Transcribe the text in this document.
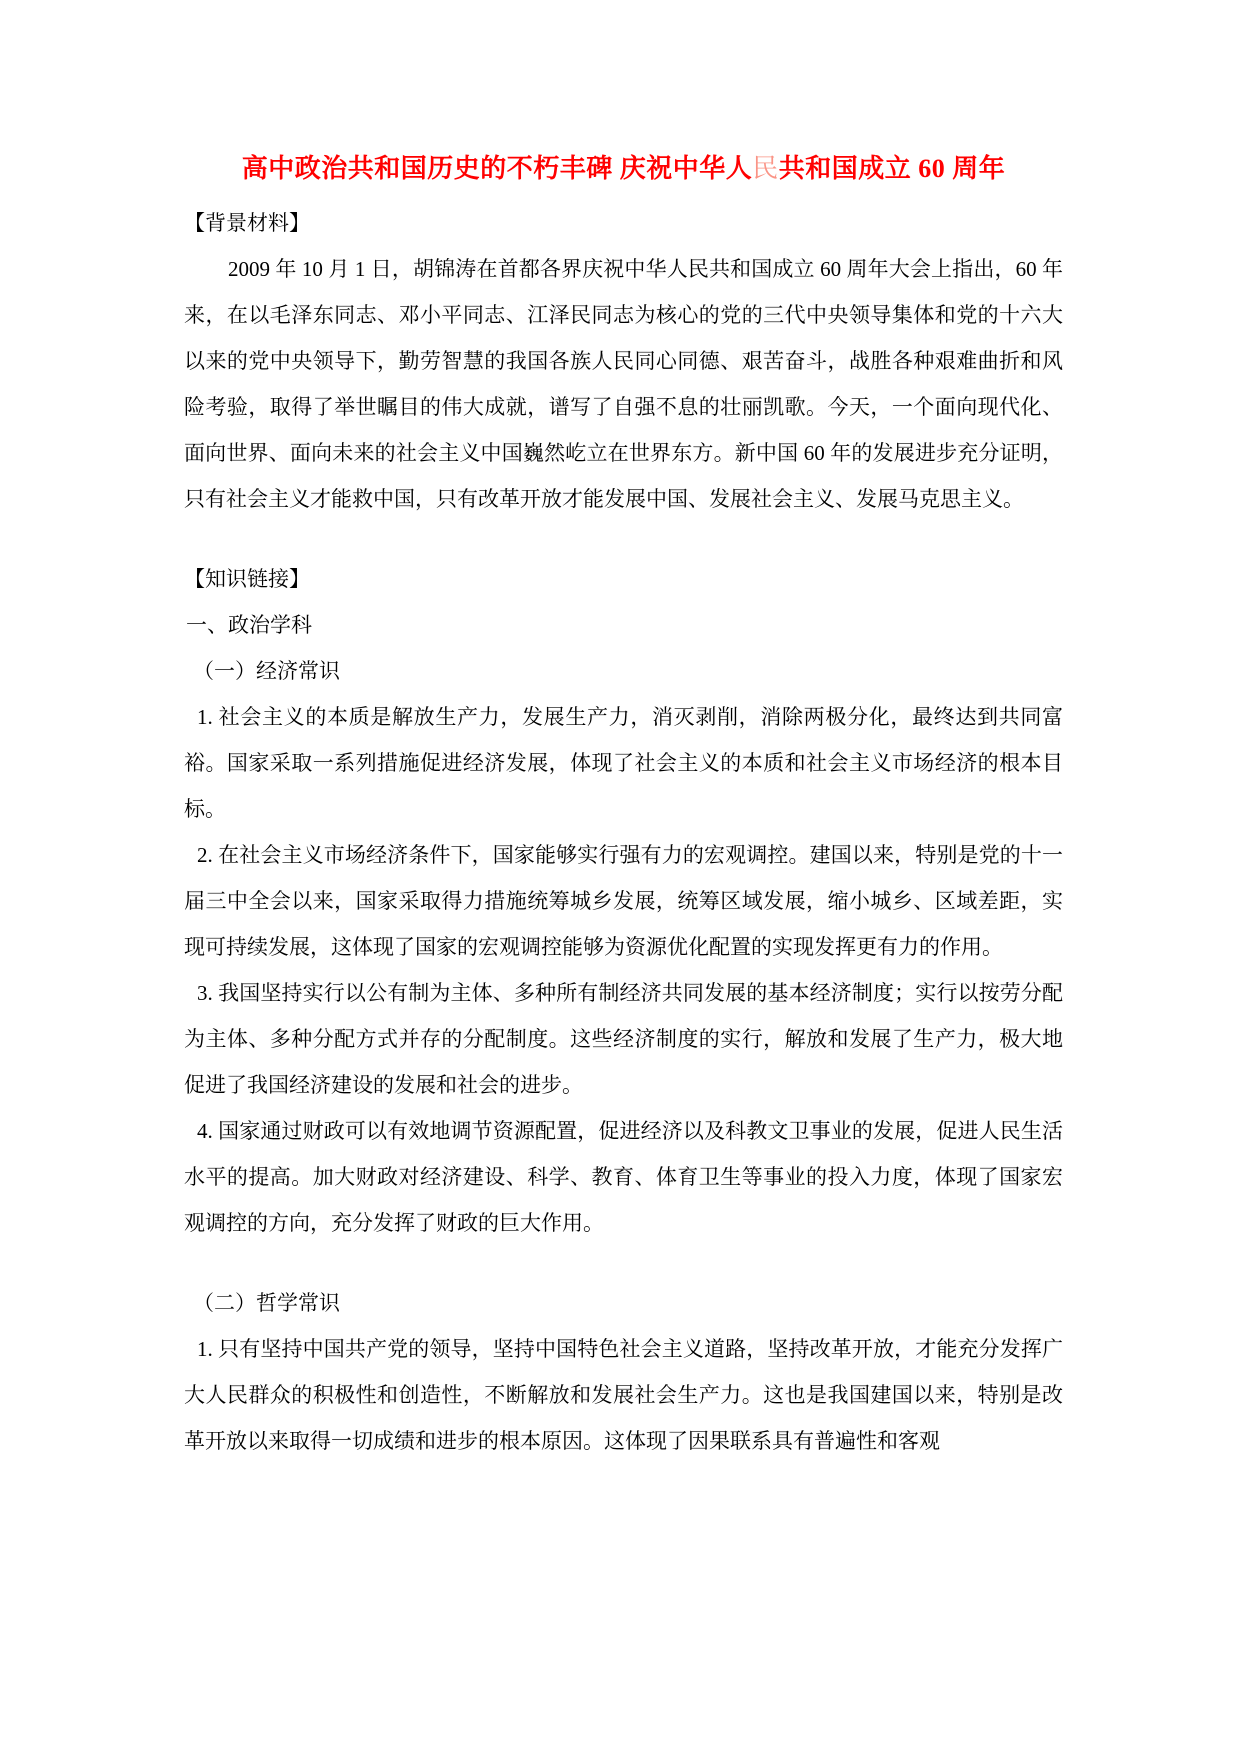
高中政治共和国历史的不朽丰碑 庆祝中华人民共和国成立 60 周年

【背景材料】

2009 年 10 月 1 日，胡锦涛在首都各界庆祝中华人民共和国成立 60 周年大会上指出，60 年来，在以毛泽东同志、邓小平同志、江泽民同志为核心的党的三代中央领导集体和党的十六大以来的党中央领导下，勤劳智慧的我国各族人民同心同德、艰苦奋斗，战胜各种艰难曲折和风险考验，取得了举世瞩目的伟大成就，谱写了自强不息的壮丽凯歌。今天，一个面向现代化、面向世界、面向未来的社会主义中国巍然屹立在世界东方。新中国 60 年的发展进步充分证明，只有社会主义才能救中国，只有改革开放才能发展中国、发展社会主义、发展马克思主义。

【知识链接】

一、政治学科

（一）经济常识

1. 社会主义的本质是解放生产力，发展生产力，消灭剥削，消除两极分化，最终达到共同富裕。国家采取一系列措施促进经济发展，体现了社会主义的本质和社会主义市场经济的根本目标。

2. 在社会主义市场经济条件下，国家能够实行强有力的宏观调控。建国以来，特别是党的十一届三中全会以来，国家采取得力措施统筹城乡发展，统筹区域发展，缩小城乡、区域差距，实现可持续发展，这体现了国家的宏观调控能够为资源优化配置的实现发挥更有力的作用。

3. 我国坚持实行以公有制为主体、多种所有制经济共同发展的基本经济制度；实行以按劳分配为主体、多种分配方式并存的分配制度。这些经济制度的实行，解放和发展了生产力，极大地促进了我国经济建设的发展和社会的进步。

4. 国家通过财政可以有效地调节资源配置，促进经济以及科教文卫事业的发展，促进人民生活水平的提高。加大财政对经济建设、科学、教育、体育卫生等事业的投入力度，体现了国家宏观调控的方向，充分发挥了财政的巨大作用。

（二）哲学常识

1. 只有坚持中国共产党的领导，坚持中国特色社会主义道路，坚持改革开放，才能充分发挥广大人民群众的积极性和创造性，不断解放和发展社会生产力。这也是我国建国以来，特别是改革开放以来取得一切成绩和进步的根本原因。这体现了因果联系具有普遍性和客观
